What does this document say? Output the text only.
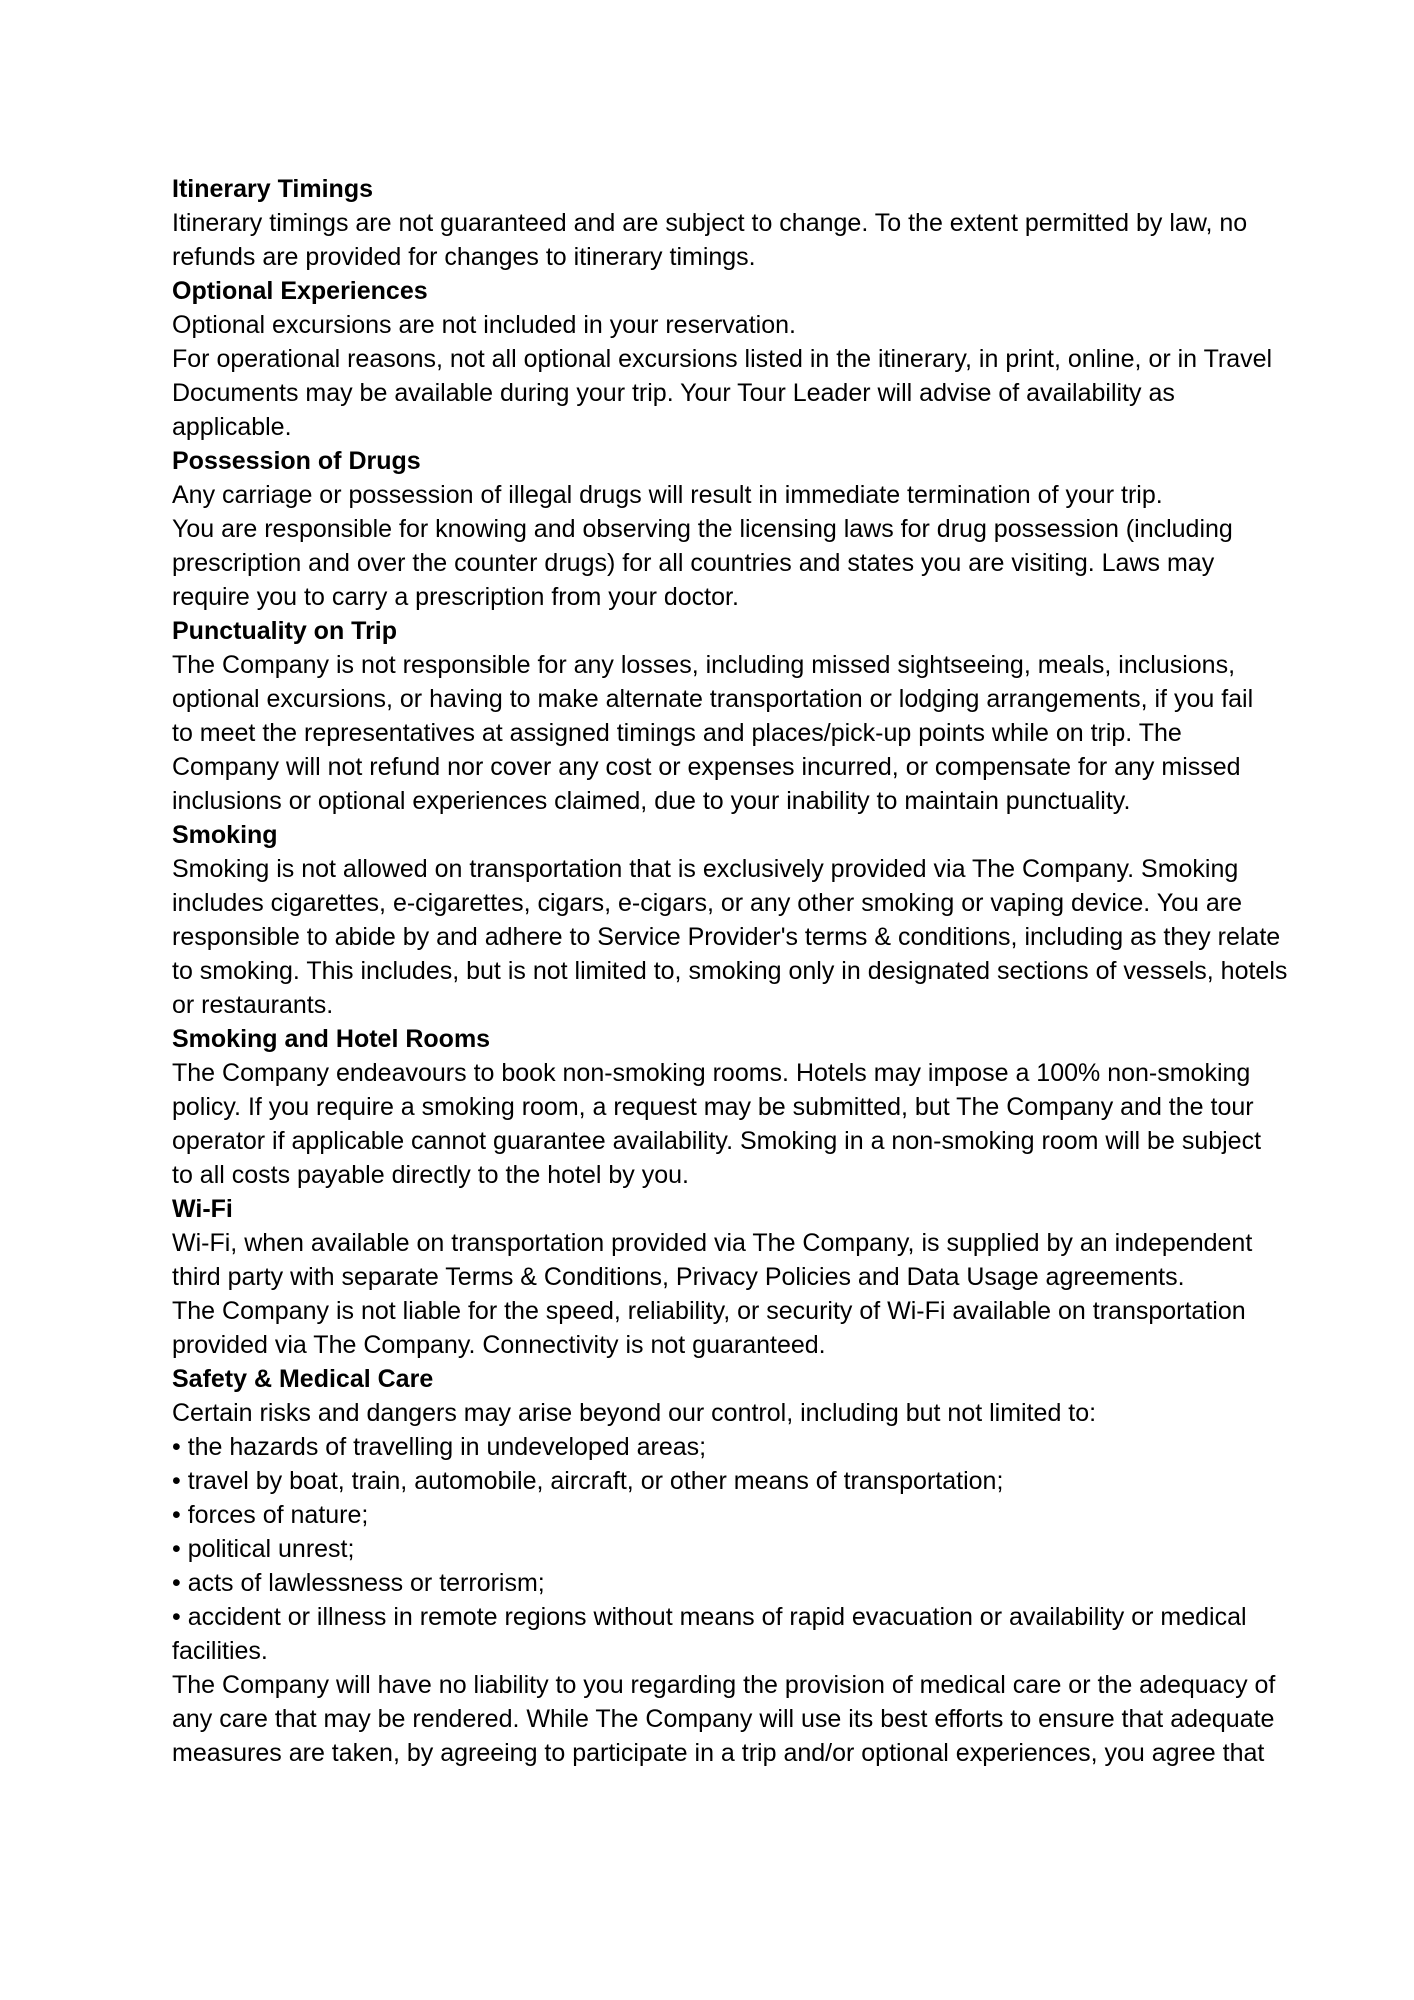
Itinerary Timings
Itinerary timings are not guaranteed and are subject to change. To the extent permitted by law, no
refunds are provided for changes to itinerary timings.
Optional Experiences
Optional excursions are not included in your reservation.
For operational reasons, not all optional excursions listed in the itinerary, in print, online, or in Travel
Documents may be available during your trip. Your Tour Leader will advise of availability as
applicable.
Possession of Drugs
Any carriage or possession of illegal drugs will result in immediate termination of your trip.
You are responsible for knowing and observing the licensing laws for drug possession (including
prescription and over the counter drugs) for all countries and states you are visiting. Laws may
require you to carry a prescription from your doctor.
Punctuality on Trip
The Company is not responsible for any losses, including missed sightseeing, meals, inclusions,
optional excursions, or having to make alternate transportation or lodging arrangements, if you fail
to meet the representatives at assigned timings and places/pick-up points while on trip. The
Company will not refund nor cover any cost or expenses incurred, or compensate for any missed
inclusions or optional experiences claimed, due to your inability to maintain punctuality.
Smoking
Smoking is not allowed on transportation that is exclusively provided via The Company. Smoking
includes cigarettes, e-cigarettes, cigars, e-cigars, or any other smoking or vaping device. You are
responsible to abide by and adhere to Service Provider's terms & conditions, including as they relate
to smoking. This includes, but is not limited to, smoking only in designated sections of vessels, hotels
or restaurants.
Smoking and Hotel Rooms
The Company endeavours to book non-smoking rooms. Hotels may impose a 100% non-smoking
policy. If you require a smoking room, a request may be submitted, but The Company and the tour
operator if applicable cannot guarantee availability. Smoking in a non-smoking room will be subject
to all costs payable directly to the hotel by you.
Wi-Fi
Wi-Fi, when available on transportation provided via The Company, is supplied by an independent
third party with separate Terms & Conditions, Privacy Policies and Data Usage agreements.
The Company is not liable for the speed, reliability, or security of Wi-Fi available on transportation
provided via The Company. Connectivity is not guaranteed.
Safety & Medical Care
Certain risks and dangers may arise beyond our control, including but not limited to:
• the hazards of travelling in undeveloped areas;
• travel by boat, train, automobile, aircraft, or other means of transportation;
• forces of nature;
• political unrest;
• acts of lawlessness or terrorism;
• accident or illness in remote regions without means of rapid evacuation or availability or medical
facilities.
The Company will have no liability to you regarding the provision of medical care or the adequacy of
any care that may be rendered. While The Company will use its best efforts to ensure that adequate
measures are taken, by agreeing to participate in a trip and/or optional experiences, you agree that
